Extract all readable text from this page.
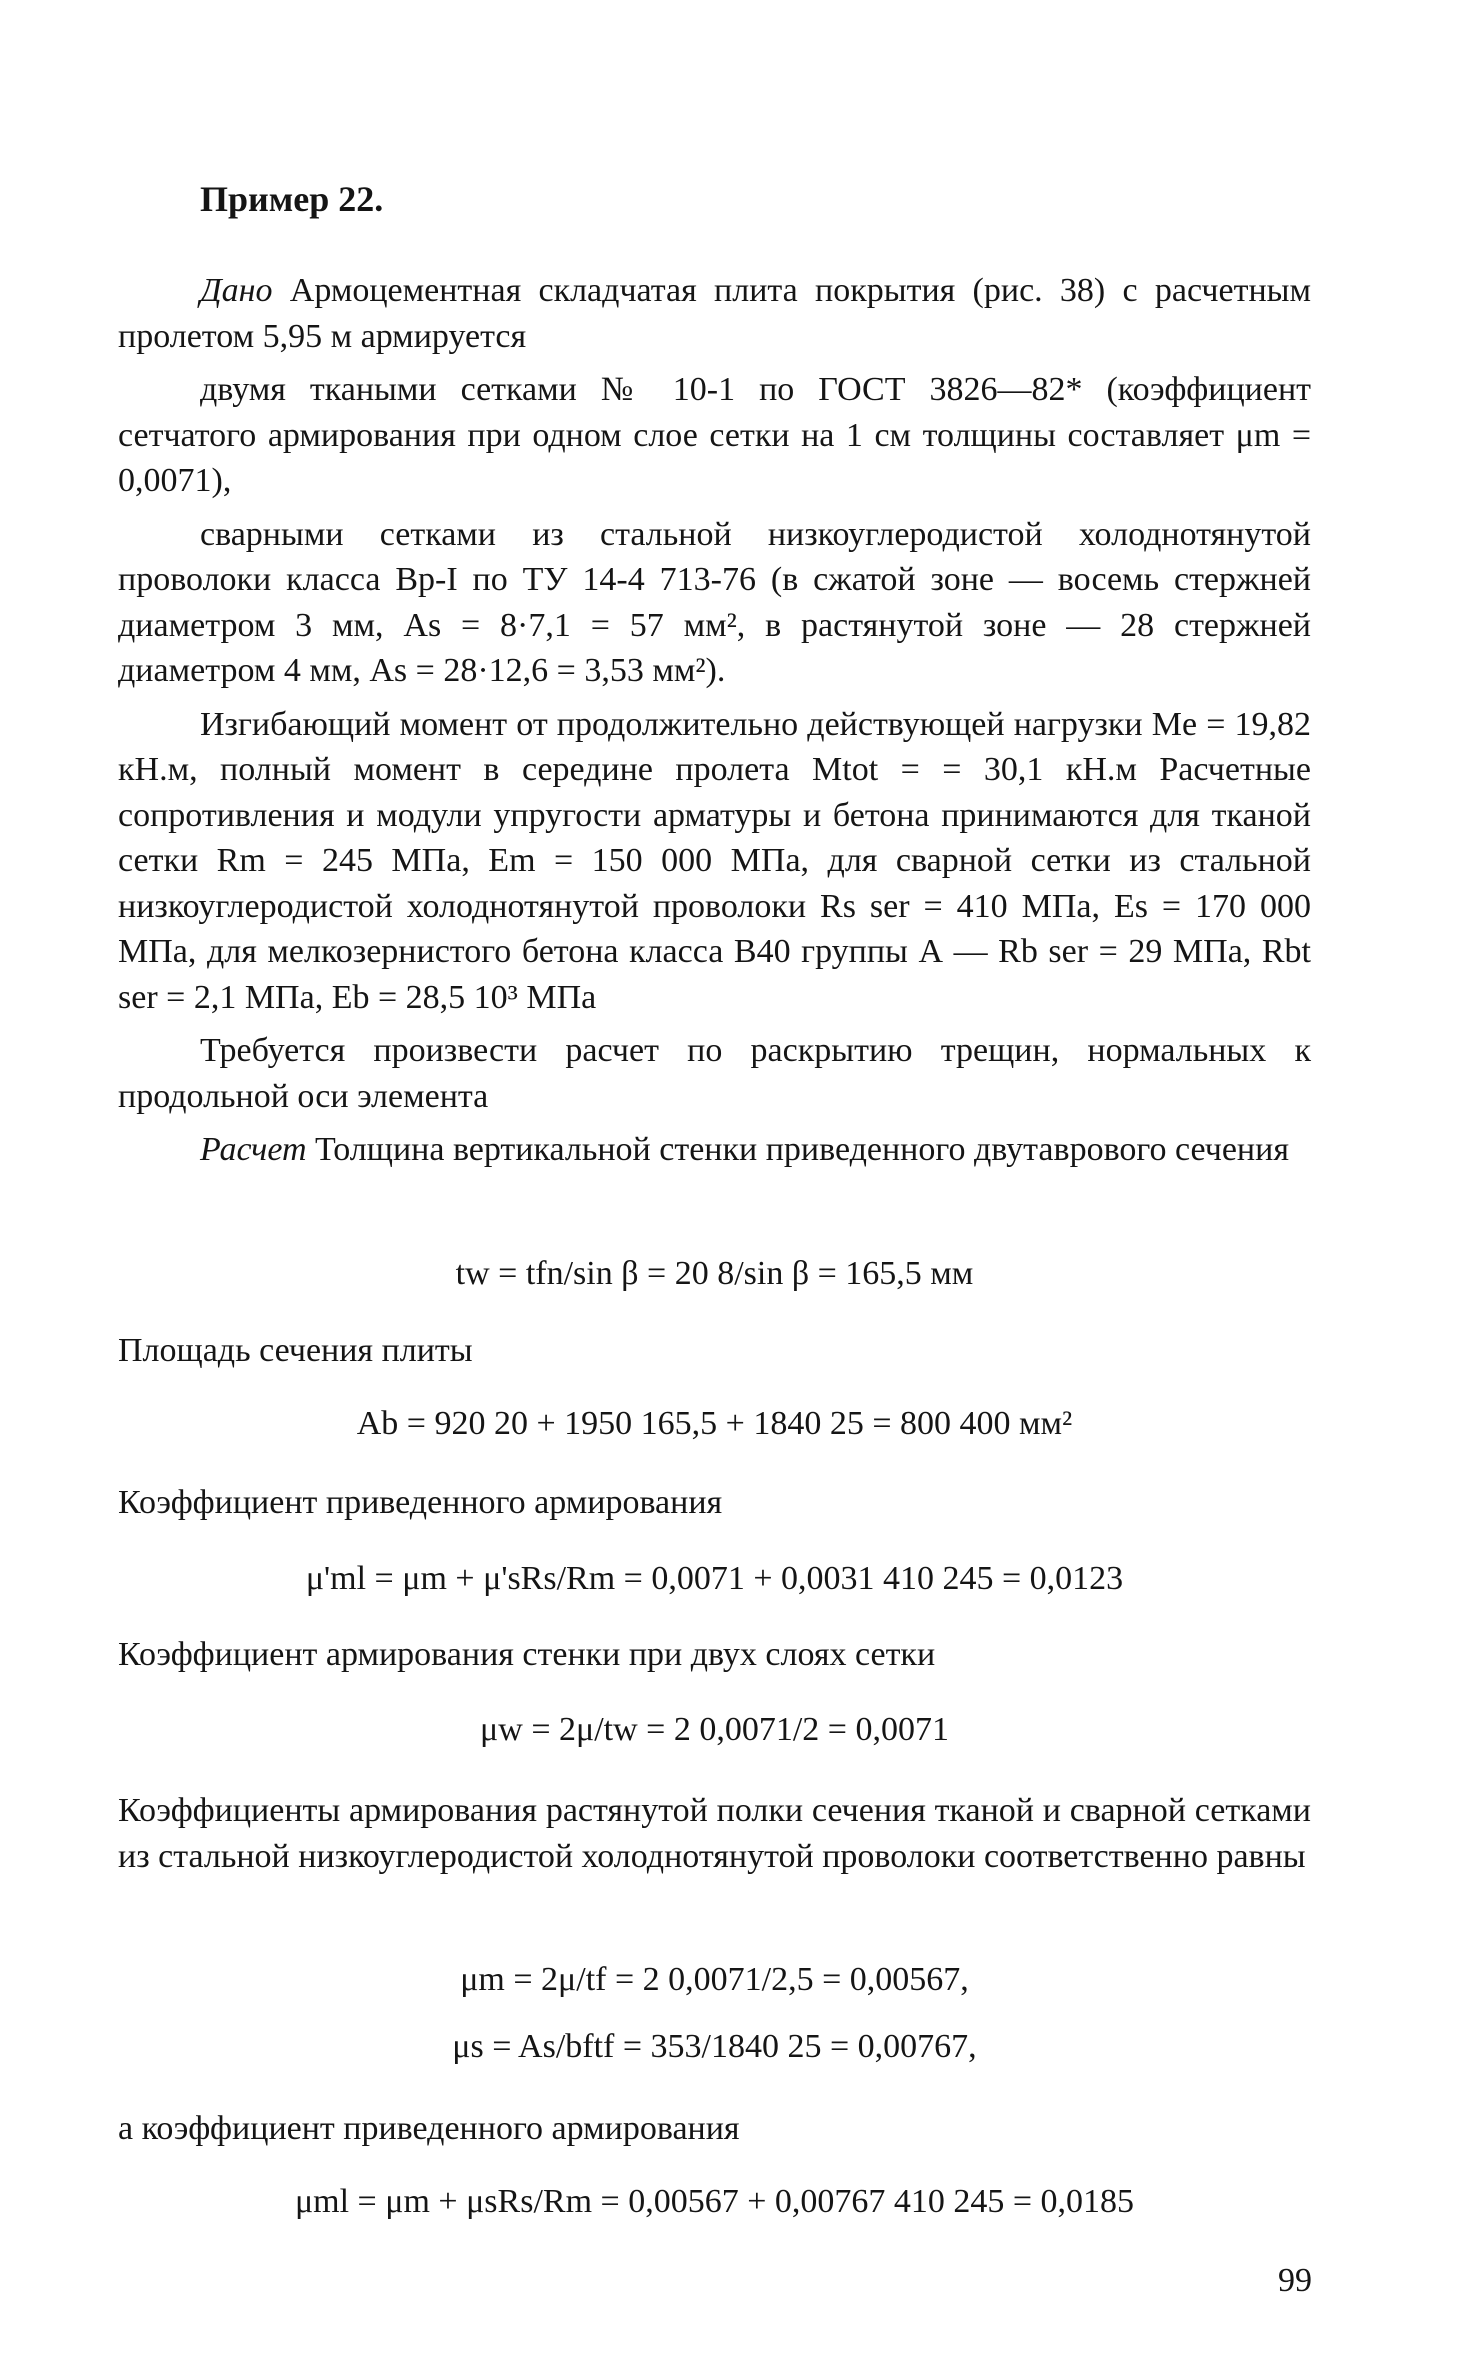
Пример 22.

Дано Армоцементная складчатая плита покрытия (рис. 38) с расчетным пролетом 5,95 м армируется

двумя ткаными сетками № 10-1 по ГОСТ 3826—82* (коэффициент сетчатого армирования при одном слое сетки на 1 см толщины составляет μm = 0,0071),

сварными сетками из стальной низкоуглеродистой холоднотянутой проволоки класса Вр-I по ТУ 14-4 713-76 (в сжатой зоне — восемь стержней диаметром 3 мм, As = 8·7,1 = 57 мм², в растянутой зоне — 28 стержней диаметром 4 мм, As = 28·12,6 = 3,53 мм²).

Изгибающий момент от продолжительно действующей нагрузки Me = 19,82 кН.м, полный момент в середине пролета Mtot = = 30,1 кН.м Расчетные сопротивления и модули упругости арматуры и бетона принимаются для тканой сетки Rm = 245 МПа, Em = 150 000 МПа, для сварной сетки из стальной низкоуглеродистой холоднотянутой проволоки Rs ser = 410 МПа, Es = 170 000 МПа, для мелкозернистого бетона класса В40 группы А — Rb ser = 29 МПа, Rbt ser = 2,1 МПа, Eb = 28,5 10³ МПа

Требуется произвести расчет по раскрытию трещин, нормальных к продольной оси элемента

Расчет Толщина вертикальной стенки приведенного двутаврового сечения

tw = tfn/sin β = 20 8/sin β = 165,5 мм

Площадь сечения плиты

Ab = 920 20 + 1950 165,5 + 1840 25 = 800 400 мм²

Коэффициент приведенного армирования

μ'ml = μm + μ'sRs/Rm = 0,0071 + 0,0031 410 245 = 0,0123

Коэффициент армирования стенки при двух слоях сетки

μw = 2μ/tw = 2 0,0071/2 = 0,0071

Коэффициенты армирования растянутой полки сечения тканой и сварной сетками из стальной низкоуглеродистой холоднотянутой проволоки соответственно равны

μm = 2μ/tf = 2 0,0071/2,5 = 0,00567,

μs = As/bftf = 353/1840 25 = 0,00767,

а коэффициент приведенного армирования

μml = μm + μsRs/Rm = 0,00567 + 0,00767 410 245 = 0,0185

99
